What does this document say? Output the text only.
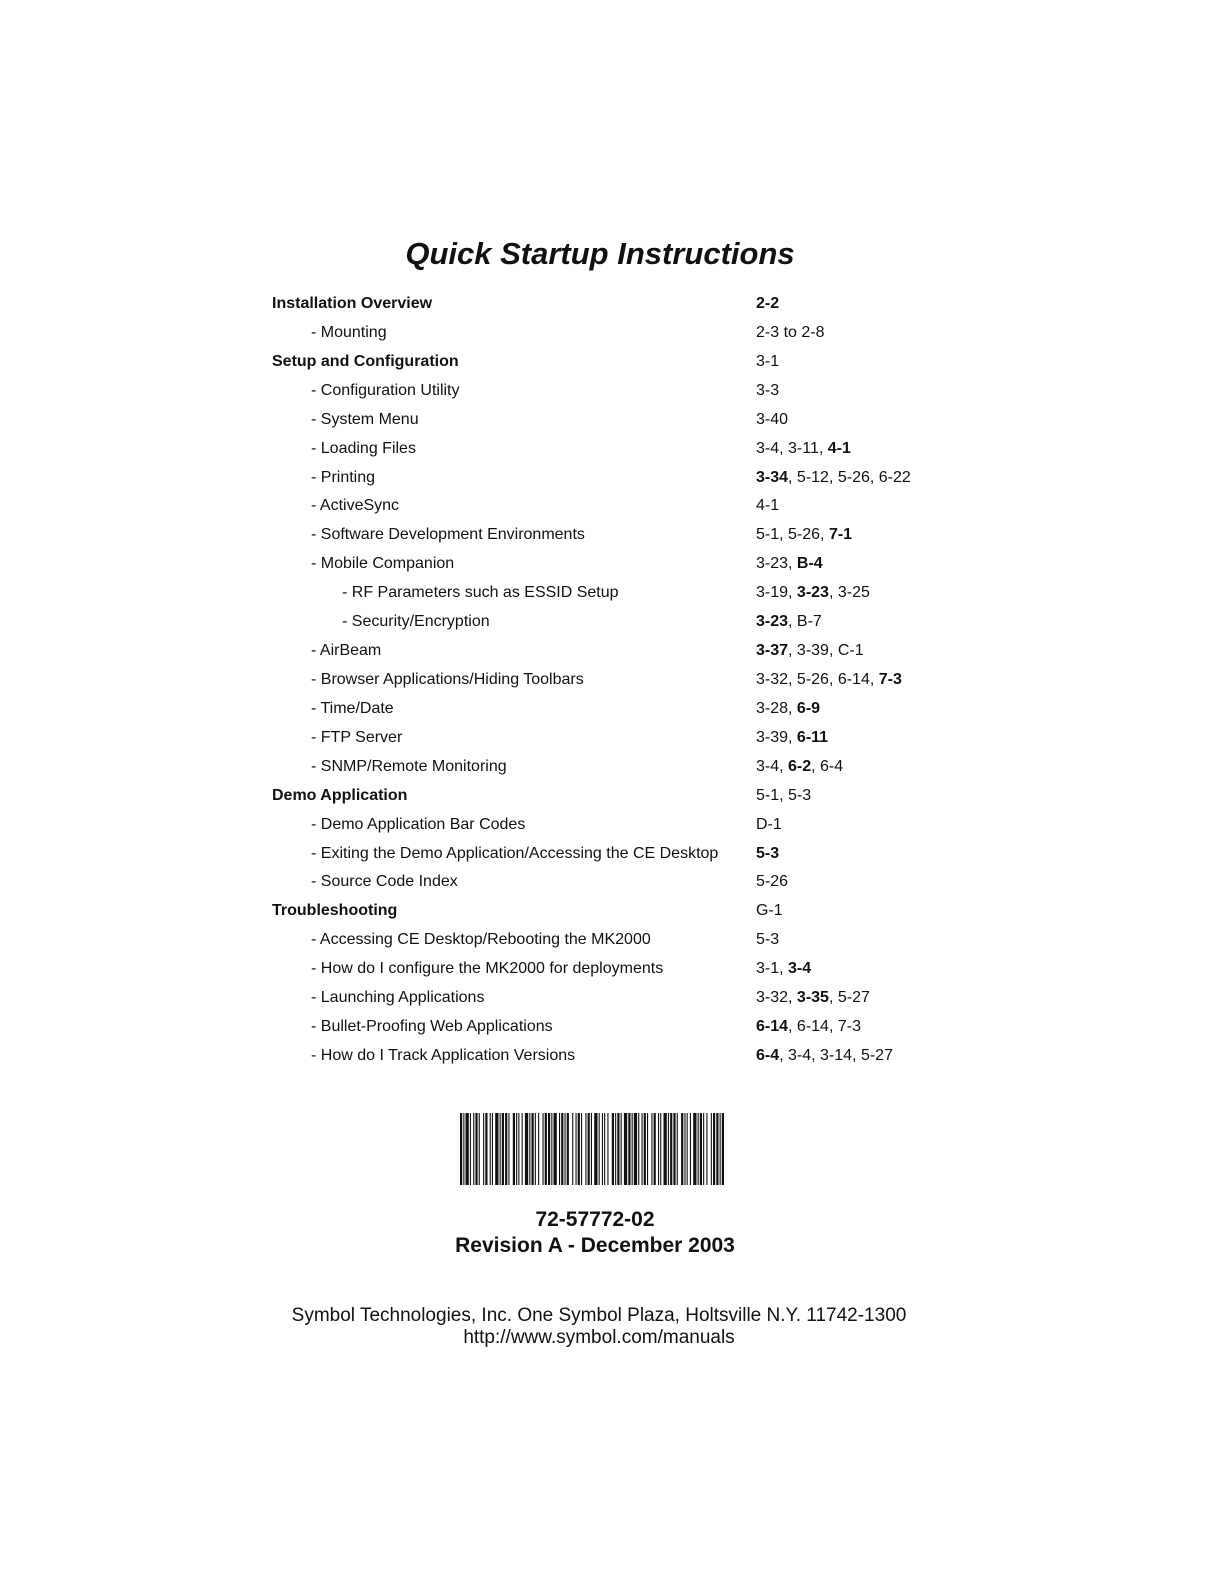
Quick Startup Instructions
Installation Overview	2-2
- Mounting	2-3 to 2-8
Setup and Configuration	3-1
- Configuration Utility	3-3
- System Menu	3-40
- Loading Files	3-4, 3-11, 4-1
- Printing	3-34, 5-12, 5-26, 6-22
- ActiveSync	4-1
- Software Development Environments	5-1, 5-26, 7-1
- Mobile Companion	3-23, B-4
- RF Parameters such as ESSID Setup	3-19, 3-23, 3-25
- Security/Encryption	3-23, B-7
- AirBeam	3-37, 3-39, C-1
- Browser Applications/Hiding Toolbars	3-32, 5-26, 6-14, 7-3
- Time/Date	3-28, 6-9
- FTP Server	3-39, 6-11
- SNMP/Remote Monitoring	3-4, 6-2, 6-4
Demo Application	5-1, 5-3
- Demo Application Bar Codes	D-1
- Exiting the Demo Application/Accessing the CE Desktop 5-3
- Source Code Index	5-26
Troubleshooting	G-1
- Accessing CE Desktop/Rebooting the MK2000	5-3
- How do I configure the MK2000 for deployments	3-1, 3-4
- Launching Applications	3-32, 3-35, 5-27
- Bullet-Proofing Web Applications	6-14, 6-14, 7-3
- How do I Track Application Versions	6-4, 3-4, 3-14, 5-27
72-57772-02
Revision A - December 2003
Symbol Technologies, Inc. One Symbol Plaza, Holtsville N.Y. 11742-1300
http://www.symbol.com/manuals
